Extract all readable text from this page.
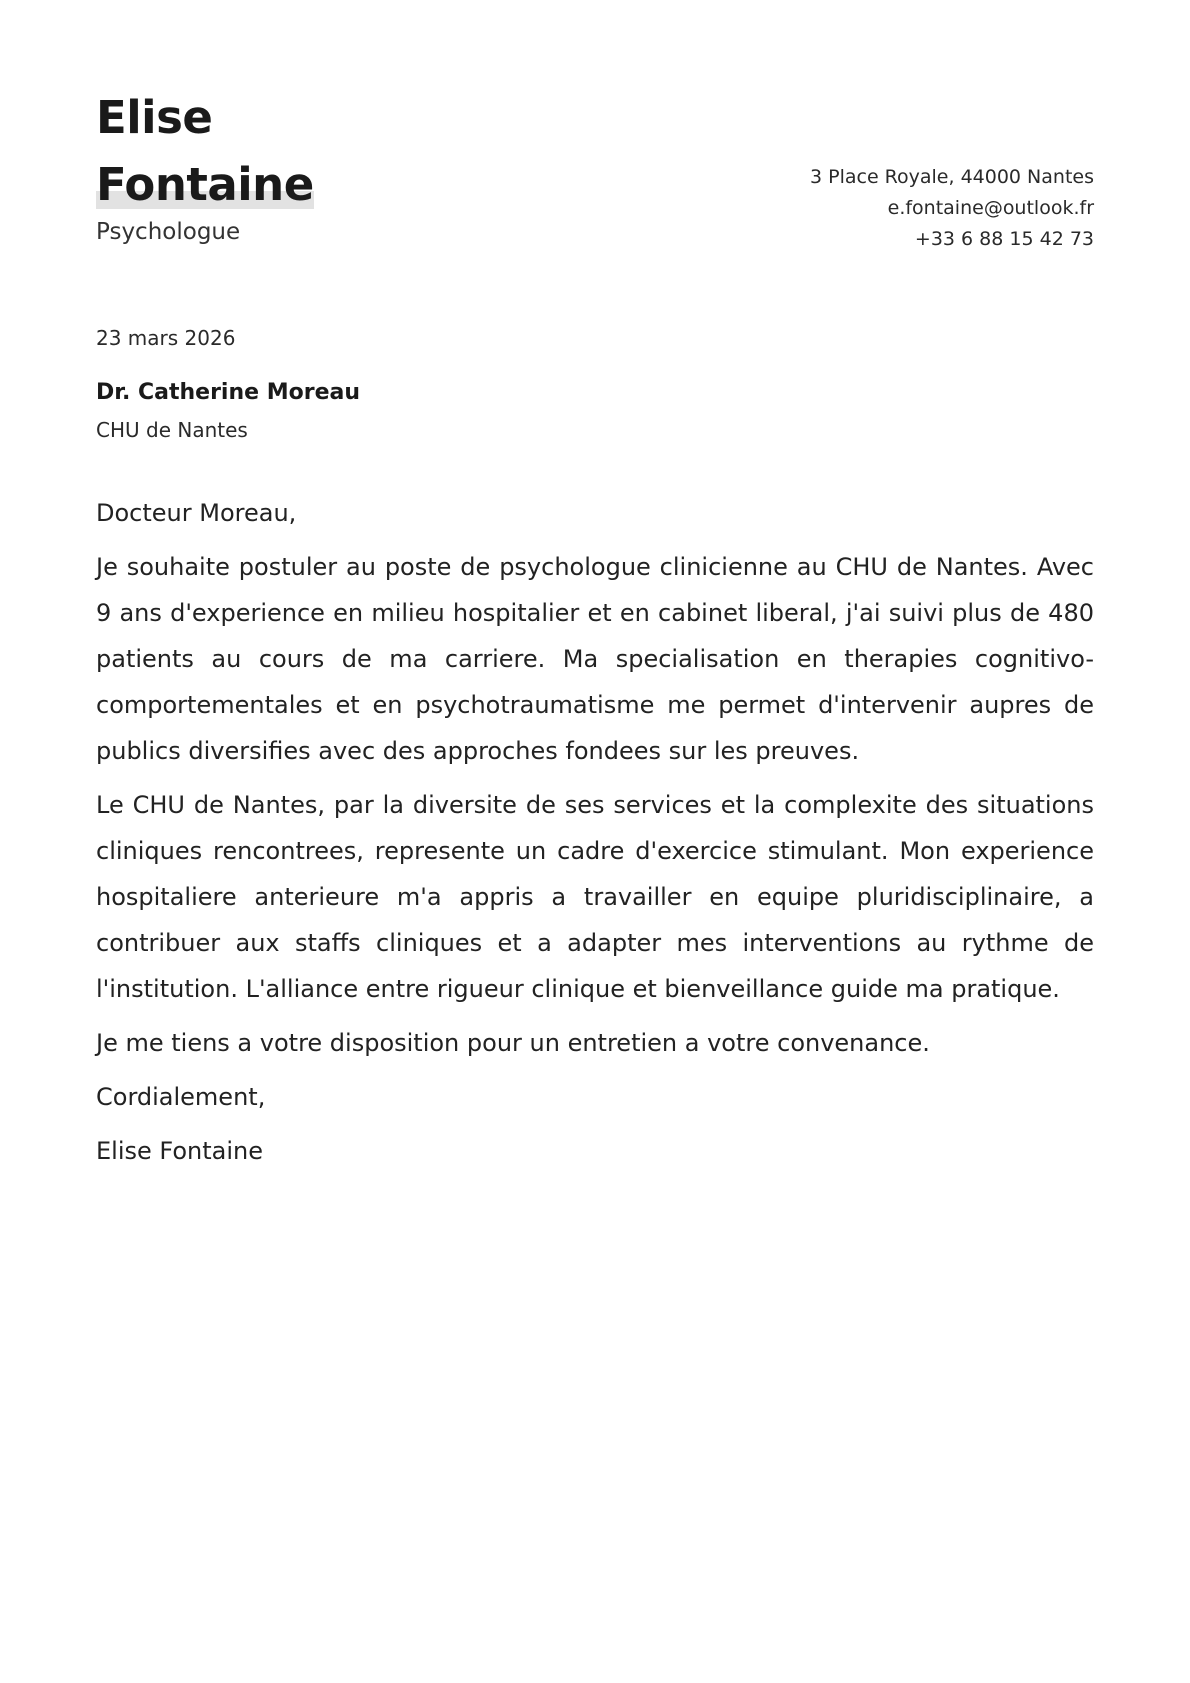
Elise
Fontaine
Psychologue
3 Place Royale, 44000 Nantes
e.fontaine@outlook.fr
+33 6 88 15 42 73
23 mars 2026
Dr. Catherine Moreau
CHU de Nantes

Docteur Moreau,

Je souhaite postuler au poste de psychologue clinicienne au CHU de Nantes. Avec 9 ans d'experience en milieu hospitalier et en cabinet liberal, j'ai suivi plus de 480 patients au cours de ma carriere. Ma specialisation en therapies cognitivo-comportementales et en psychotraumatisme me permet d'intervenir aupres de publics diversifies avec des approches fondees sur les preuves.

Le CHU de Nantes, par la diversite de ses services et la complexite des situations cliniques rencontrees, represente un cadre d'exercice stimulant. Mon experience hospitaliere anterieure m'a appris a travailler en equipe pluridisciplinaire, a contribuer aux staffs cliniques et a adapter mes interventions au rythme de l'institution. L'alliance entre rigueur clinique et bienveillance guide ma pratique.

Je me tiens a votre disposition pour un entretien a votre convenance.

Cordialement,

Elise Fontaine
